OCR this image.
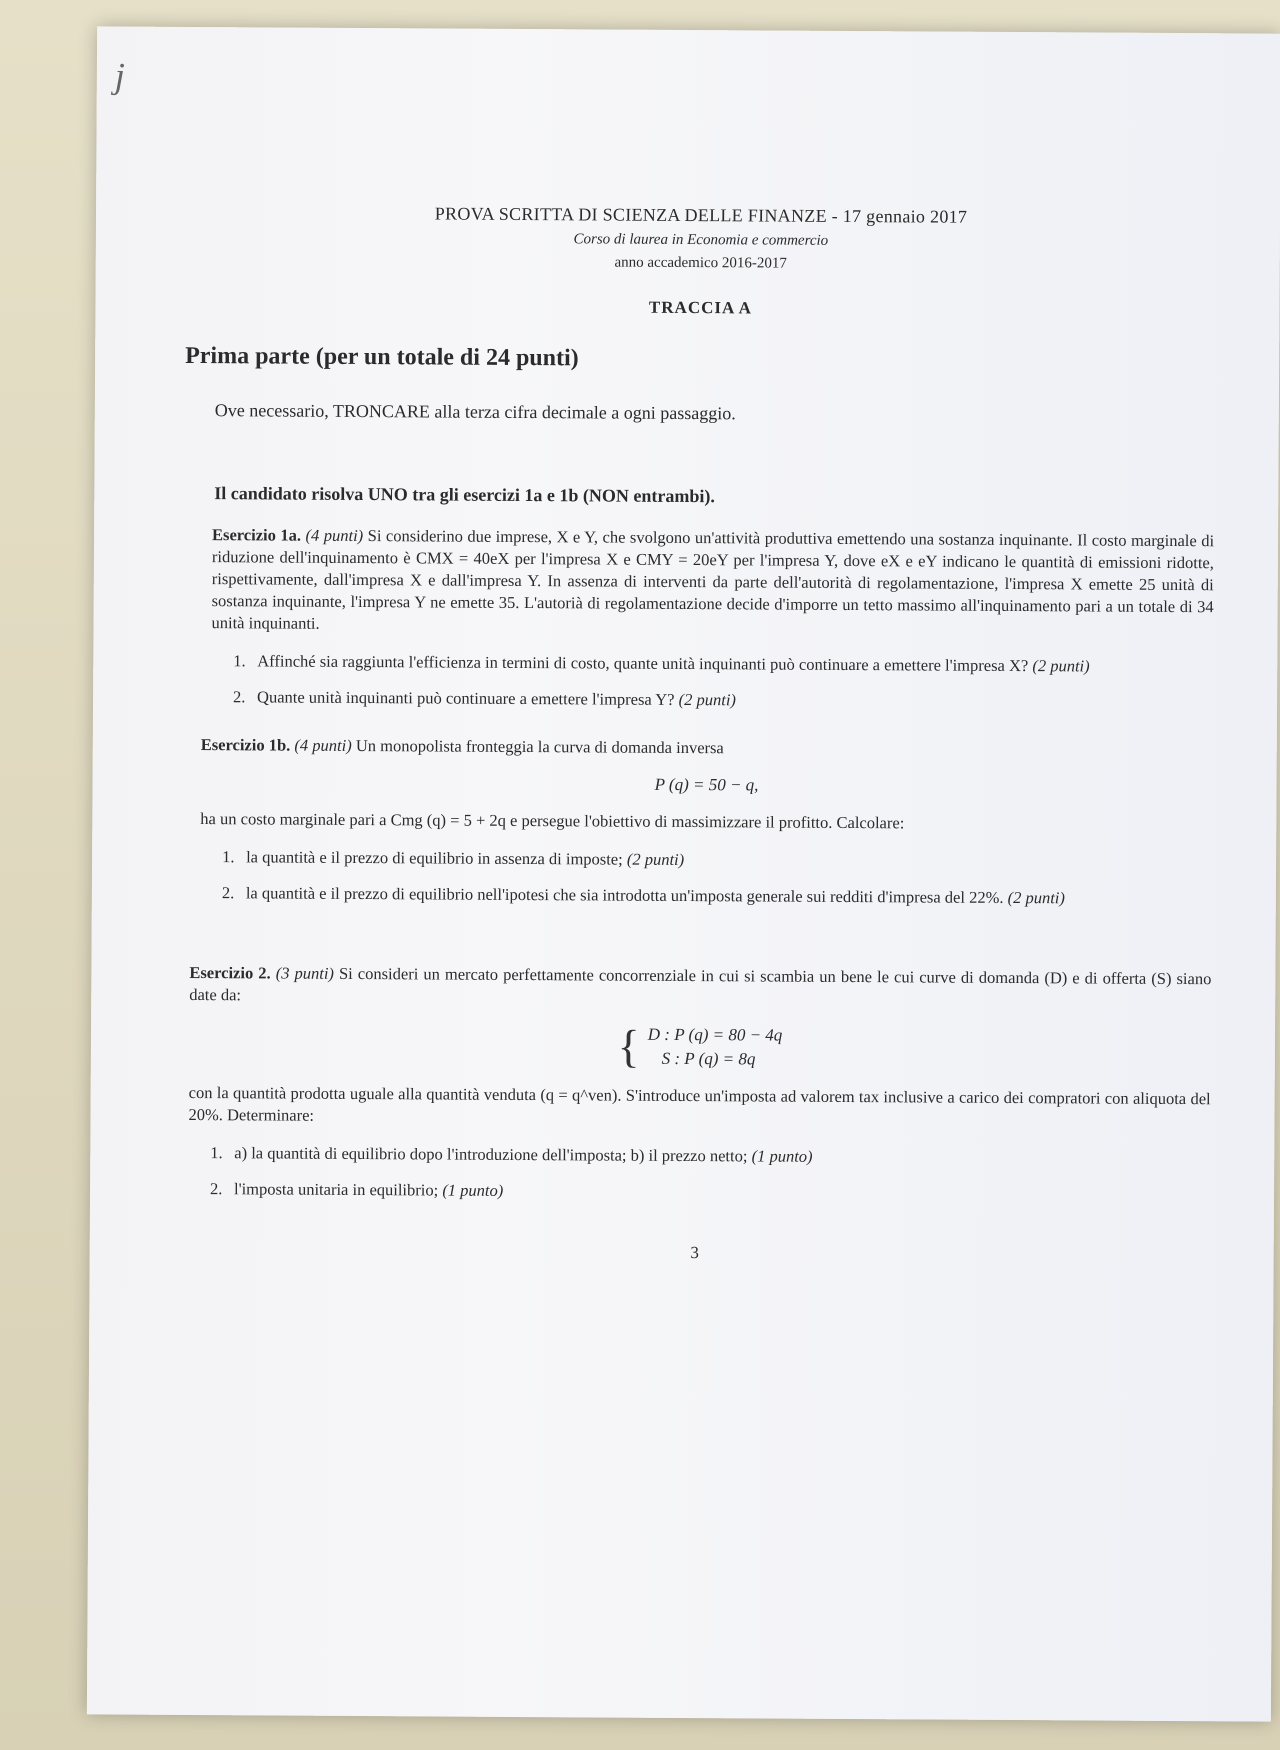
j
PROVA SCRITTA DI SCIENZA DELLE FINANZE - 17 gennaio 2017
Corso di laurea in Economia e commercio
anno accademico 2016-2017
TRACCIA A
Prima parte (per un totale di 24 punti)
Ove necessario, TRONCARE alla terza cifra decimale a ogni passaggio.
Il candidato risolva UNO tra gli esercizi 1a e 1b (NON entrambi).

Esercizio 1a. (4 punti) Si considerino due imprese, X e Y, che svolgono un'attività produttiva emettendo una sostanza inquinante. Il costo marginale di riduzione dell'inquinamento è CMX = 40eX per l'impresa X e CMY = 20eY per l'impresa Y, dove eX e eY indicano le quantità di emissioni ridotte, rispettivamente, dall'impresa X e dall'impresa Y. In assenza di interventi da parte dell'autorità di regolamentazione, l'impresa X emette 25 unità di sostanza inquinante, l'impresa Y ne emette 35. L'autorià di regolamentazione decide d'imporre un tetto massimo all'inquinamento pari a un totale di 34 unità inquinanti.

1. Affinché sia raggiunta l'efficienza in termini di costo, quante unità inquinanti può continuare a emettere l'impresa X? (2 punti)
2. Quante unità inquinanti può continuare a emettere l'impresa Y? (2 punti)

Esercizio 1b. (4 punti) Un monopolista fronteggia la curva di domanda inversa

P (q) = 50 − q,

ha un costo marginale pari a Cmg (q) = 5 + 2q e persegue l'obiettivo di massimizzare il profitto. Calcolare:

1. la quantità e il prezzo di equilibrio in assenza di imposte; (2 punti)
2. la quantità e il prezzo di equilibrio nell'ipotesi che sia introdotta un'imposta generale sui redditi d'impresa del 22%. (2 punti)

Esercizio 2. (3 punti) Si consideri un mercato perfettamente concorrenziale in cui si scambia un bene le cui curve di domanda (D) e di offerta (S) siano date da:

{ D : P (q) = 80 − 4q
S : P (q) = 8q

con la quantità prodotta uguale alla quantità venduta (q = q^ven). S'introduce un'imposta ad valorem tax inclusive a carico dei compratori con aliquota del 20%. Determinare:

1. a) la quantità di equilibrio dopo l'introduzione dell'imposta; b) il prezzo netto; (1 punto)
2. l'imposta unitaria in equilibrio; (1 punto)
3
